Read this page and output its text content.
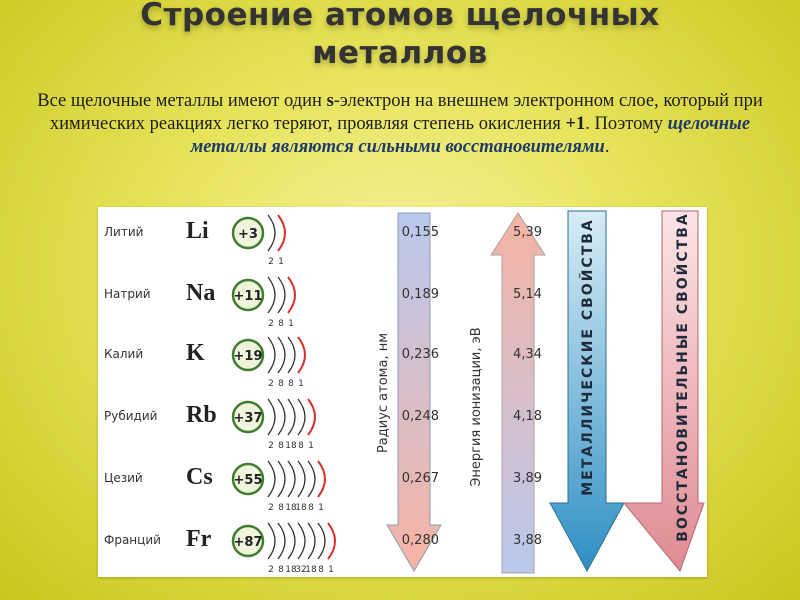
Строение атомов щелочных
металлов
Все щелочные металлы имеют один s-электрон на внешнем электронном слое, который при химических реакциях легко теряют, проявляя степень окисления +1. Поэтому щелочные металлы являются сильными восстановителями.
Радиус атома, нм	Энергия ионизации, эВ	МЕТАЛЛИЧЕСКИЕ СВОЙСТВА	ВОССТАНОВИТЕЛЬНЫЕ СВОЙСТВА
+3
2 1
+11
2 8 1
+19
2 8 8 1
+37
2 8 18 8 1
+55
2 8 18
18 8 1
+87
2 8 18
32
18 8 1
Литий	Li	0,155	5,39
Натрий	Na	0,189	5,14
Калий	K	0,236	4,34
Рубидий	Rb	0,248	4,18
Цезий	Cs	0,267	3,89
Франций	Fr	0,280	3,88
